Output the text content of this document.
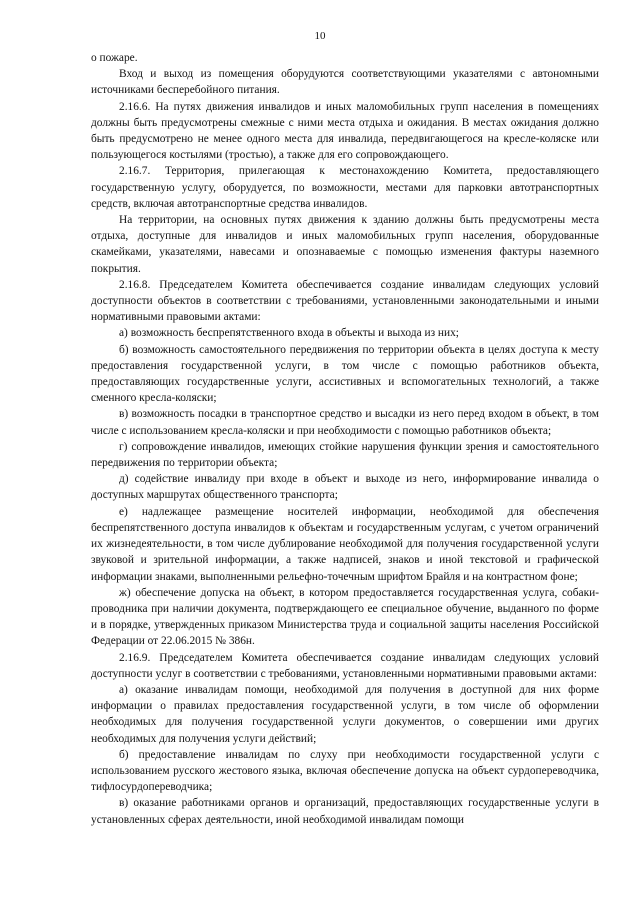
10

о пожаре.

Вход и выход из помещения оборудуются соответствующими указателями с автономными источниками бесперебойного питания.

2.16.6. На путях движения инвалидов и иных маломобильных групп населения в помещениях должны быть предусмотрены смежные с ними места отдыха и ожидания. В местах ожидания должно быть предусмотрено не менее одного места для инвалида, передвигающегося на кресле-коляске или пользующегося костылями (тростью), а также для его сопровождающего.

2.16.7. Территория, прилегающая к местонахождению Комитета, предоставляющего государственную услугу, оборудуется, по возможности, местами для парковки автотранспортных средств, включая автотранспортные средства инвалидов.

На территории, на основных путях движения к зданию должны быть предусмотрены места отдыха, доступные для инвалидов и иных маломобильных групп населения, оборудованные скамейками, указателями, навесами и опознаваемые с помощью изменения фактуры наземного покрытия.

2.16.8. Председателем Комитета обеспечивается создание инвалидам следующих условий доступности объектов в соответствии с требованиями, установленными законодательными и иными нормативными правовыми актами:

а) возможность беспрепятственного входа в объекты и выхода из них;

б) возможность самостоятельного передвижения по территории объекта в целях доступа к месту предоставления государственной услуги, в том числе с помощью работников объекта, предоставляющих государственные услуги, ассистивных и вспомогательных технологий, а также сменного кресла-коляски;

в) возможность посадки в транспортное средство и высадки из него перед входом в объект, в том числе с использованием кресла-коляски и при необходимости с помощью работников объекта;

г) сопровождение инвалидов, имеющих стойкие нарушения функции зрения и самостоятельного передвижения по территории объекта;

д) содействие инвалиду при входе в объект и выходе из него, информирование инвалида о доступных маршрутах общественного транспорта;

е) надлежащее размещение носителей информации, необходимой для обеспечения беспрепятственного доступа инвалидов к объектам и государственным услугам, с учетом ограничений их жизнедеятельности, в том числе дублирование необходимой для получения государственной услуги звуковой и зрительной информации, а также надписей, знаков и иной текстовой и графической информации знаками, выполненными рельефно-точечным шрифтом Брайля и на контрастном фоне;

ж) обеспечение допуска на объект, в котором предоставляется государственная услуга, собаки-проводника при наличии документа, подтверждающего ее специальное обучение, выданного по форме и в порядке, утвержденных приказом Министерства труда и социальной защиты населения Российской Федерации от 22.06.2015 № 386н.

2.16.9. Председателем Комитета обеспечивается создание инвалидам следующих условий доступности услуг в соответствии с требованиями, установленными нормативными правовыми актами:

а) оказание инвалидам помощи, необходимой для получения в доступной для них форме информации о правилах предоставления государственной услуги, в том числе об оформлении необходимых для получения государственной услуги документов, о совершении ими других необходимых для получения услуги действий;

б) предоставление инвалидам по слуху при необходимости государственной услуги с использованием русского жестового языка, включая обеспечение допуска на объект сурдопереводчика, тифлосурдопереводчика;

в) оказание работниками органов и организаций, предоставляющих государственные услуги в установленных сферах деятельности, иной необходимой инвалидам помощи
